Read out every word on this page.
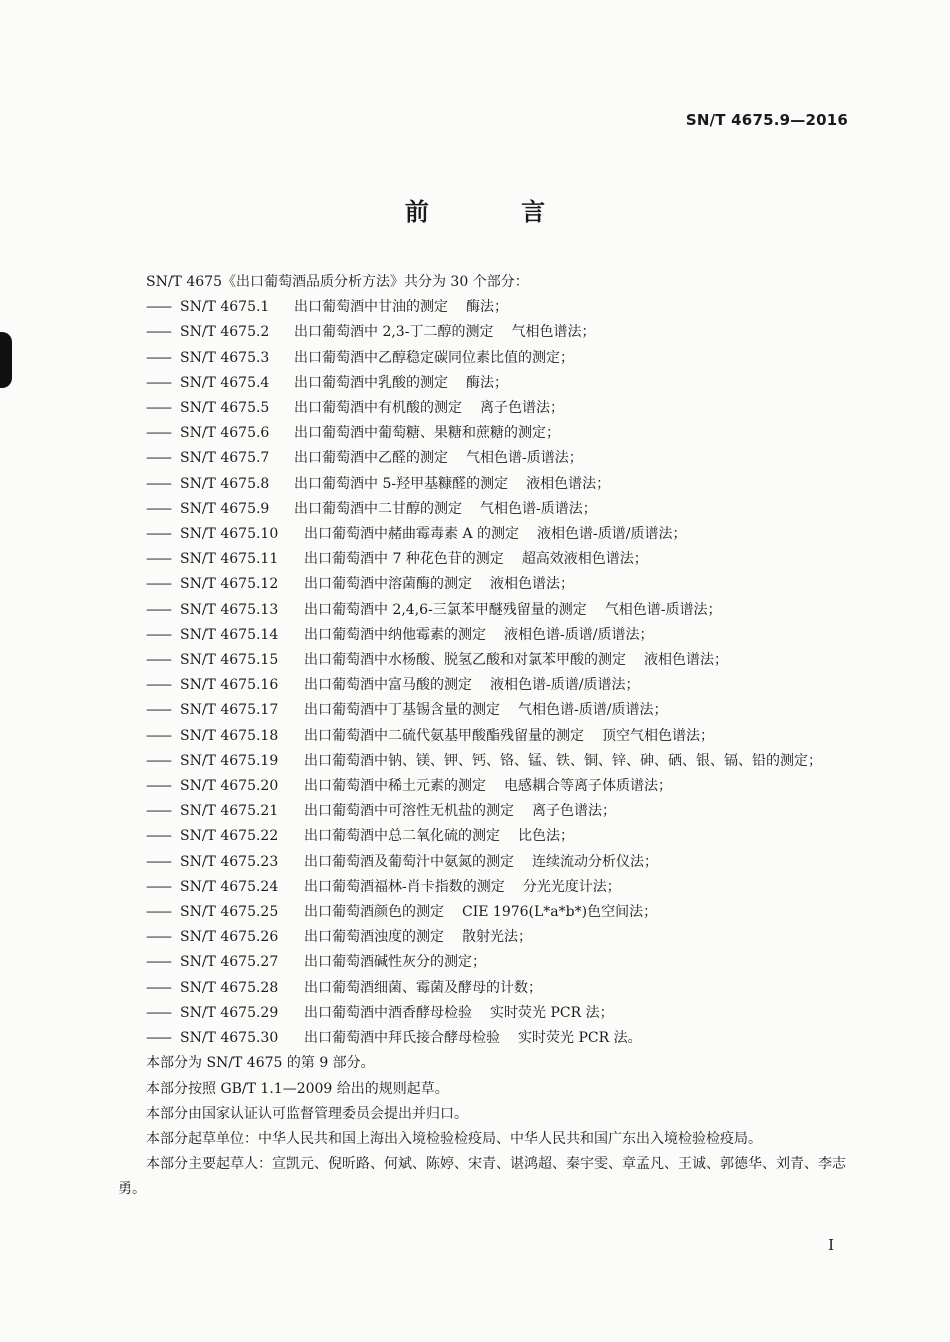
SN/T 4675.9—2016
前 言
SN/T 4675《出口葡萄酒品质分析方法》共分为 30 个部分：
—— SN/T 4675.1	出口葡萄酒中甘油的测定 酶法；
—— SN/T 4675.2	出口葡萄酒中 2,3-丁二醇的测定 气相色谱法；
—— SN/T 4675.3	出口葡萄酒中乙醇稳定碳同位素比值的测定；
—— SN/T 4675.4	出口葡萄酒中乳酸的测定 酶法；
—— SN/T 4675.5	出口葡萄酒中有机酸的测定 离子色谱法；
—— SN/T 4675.6	出口葡萄酒中葡萄糖、果糖和蔗糖的测定；
—— SN/T 4675.7	出口葡萄酒中乙醛的测定 气相色谱-质谱法；
—— SN/T 4675.8	出口葡萄酒中 5-羟甲基糠醛的测定 液相色谱法；
—— SN/T 4675.9	出口葡萄酒中二甘醇的测定 气相色谱-质谱法；
—— SN/T 4675.10	出口葡萄酒中赭曲霉毒素 A 的测定 液相色谱-质谱/质谱法；
—— SN/T 4675.11	出口葡萄酒中 7 种花色苷的测定 超高效液相色谱法；
—— SN/T 4675.12	出口葡萄酒中溶菌酶的测定 液相色谱法；
—— SN/T 4675.13	出口葡萄酒中 2,4,6-三氯苯甲醚残留量的测定 气相色谱-质谱法；
—— SN/T 4675.14	出口葡萄酒中纳他霉素的测定 液相色谱-质谱/质谱法；
—— SN/T 4675.15	出口葡萄酒中水杨酸、脱氢乙酸和对氯苯甲酸的测定 液相色谱法；
—— SN/T 4675.16	出口葡萄酒中富马酸的测定 液相色谱-质谱/质谱法；
—— SN/T 4675.17	出口葡萄酒中丁基锡含量的测定 气相色谱-质谱/质谱法；
—— SN/T 4675.18	出口葡萄酒中二硫代氨基甲酸酯残留量的测定 顶空气相色谱法；
—— SN/T 4675.19	出口葡萄酒中钠、镁、钾、钙、铬、锰、铁、铜、锌、砷、硒、银、镉、铅的测定；
—— SN/T 4675.20	出口葡萄酒中稀土元素的测定 电感耦合等离子体质谱法；
—— SN/T 4675.21	出口葡萄酒中可溶性无机盐的测定 离子色谱法；
—— SN/T 4675.22	出口葡萄酒中总二氧化硫的测定 比色法；
—— SN/T 4675.23	出口葡萄酒及葡萄汁中氨氮的测定 连续流动分析仪法；
—— SN/T 4675.24	出口葡萄酒福林-肖卡指数的测定 分光光度计法；
—— SN/T 4675.25	出口葡萄酒颜色的测定 CIE 1976(L*a*b*)色空间法；
—— SN/T 4675.26	出口葡萄酒浊度的测定 散射光法；
—— SN/T 4675.27	出口葡萄酒碱性灰分的测定；
—— SN/T 4675.28	出口葡萄酒细菌、霉菌及酵母的计数；
—— SN/T 4675.29	出口葡萄酒中酒香酵母检验 实时荧光 PCR 法；
—— SN/T 4675.30	出口葡萄酒中拜氏接合酵母检验 实时荧光 PCR 法。
本部分为 SN/T 4675 的第 9 部分。
本部分按照 GB/T 1.1—2009 给出的规则起草。
本部分由国家认证认可监督管理委员会提出并归口。
本部分起草单位：中华人民共和国上海出入境检验检疫局、中华人民共和国广东出入境检验检疫局。
本部分主要起草人：宣凯元、倪昕路、何斌、陈婷、宋青、谌鸿超、秦宇雯、章孟凡、王诚、郭德华、刘青、李志勇。
I
